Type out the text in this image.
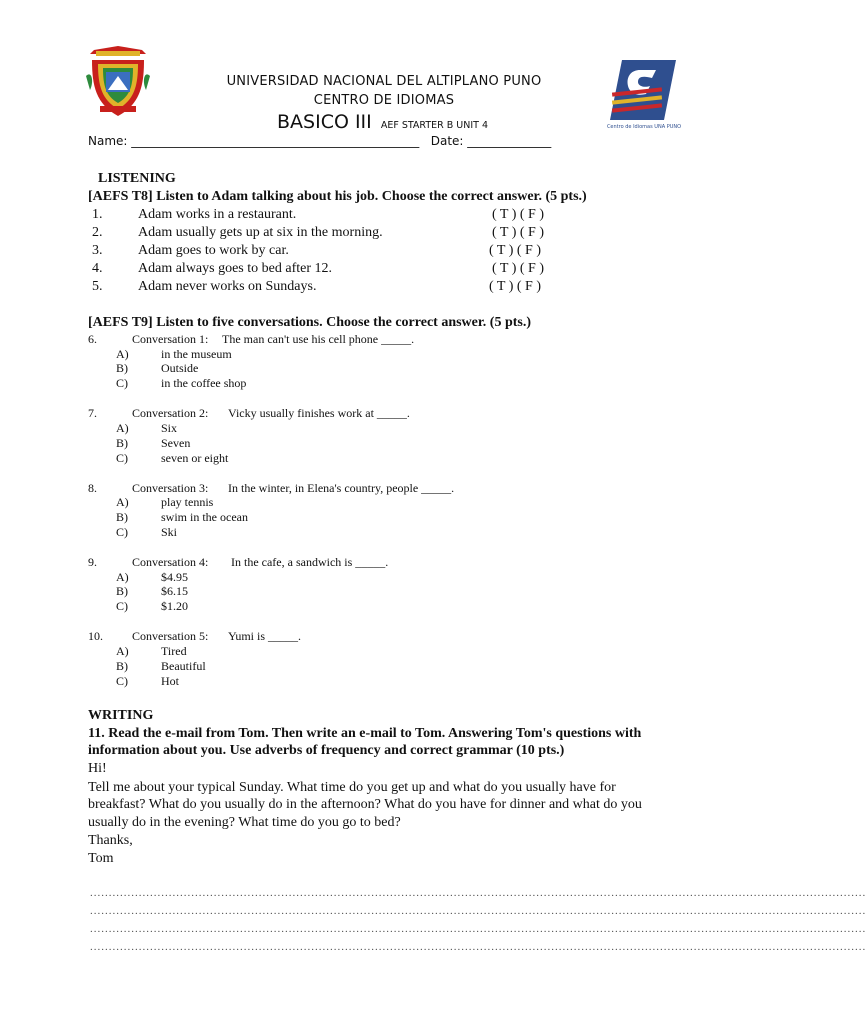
Centro de Idiomas UNA PUNO
UNIVERSIDAD NACIONAL DEL ALTIPLANO PUNO
CENTRO DE IDIOMAS
BASICO III AEF STARTER B UNIT 4
Name: ________________________________________________ Date: ______________
LISTENING
[AEFS T8] Listen to Adam talking about his job. Choose the correct answer. (5 pts.)
1.	Adam works in a restaurant.	( T ) ( F )
2.	Adam usually gets up at six in the morning.	( T ) ( F )
3.	Adam goes to work by car.	( T ) ( F )
4.	Adam always goes to bed after 12.	( T ) ( F )
5.	Adam never works on Sundays.	( T ) ( F )
[AEFS T9] Listen to five conversations. Choose the correct answer. (5 pts.)
6.	Conversation 1: The man can't use his cell phone _____.
A)	in the museum
B)	Outside
C)	in the coffee shop
7.	Conversation 2: Vicky usually finishes work at _____.
A)	Six
B)	Seven
C)	seven or eight
8.	Conversation 3: In the winter, in Elena's country, people _____.
A)	play tennis
B)	swim in the ocean
C)	Ski
9.	Conversation 4: In the cafe, a sandwich is _____.
A)	$4.95
B)	$6.15
C)	$1.20
10. Conversation 5: Yumi is _____.
A)	Tired
B)	Beautiful
C)	Hot
WRITING
11. Read the e-mail from Tom. Then write an e-mail to Tom. Answering Tom's questions with
information about you. Use adverbs of frequency and correct grammar (10 pts.)
Hi!
Tell me about your typical Sunday. What time do you get up and what do you usually have for
breakfast? What do you usually do in the afternoon? What do you have for dinner and what do you
usually do in the evening? What time do you go to bed?
Thanks,
Tom
...............................................................................................................................................................................................................
...............................................................................................................................................................................................................
...............................................................................................................................................................................................................
...............................................................................................................................................................................................................
